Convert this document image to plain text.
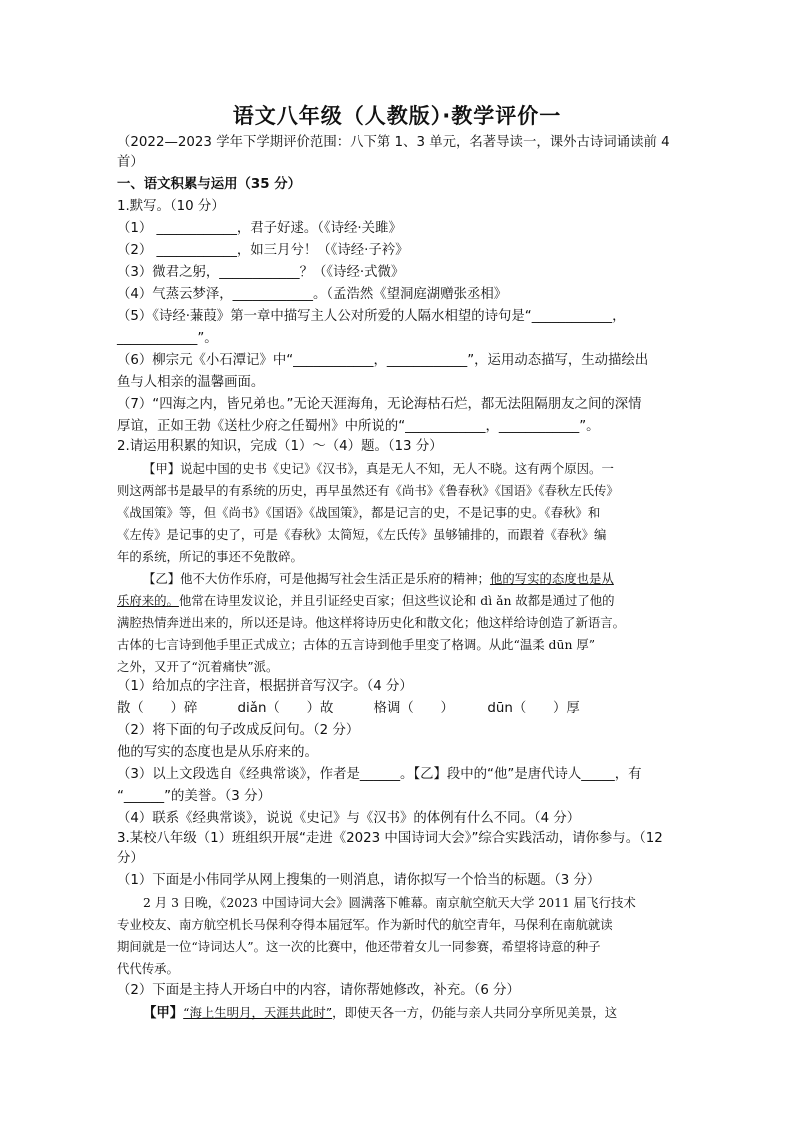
语文八年级（人教版）·教学评价一
（2022—2023 学年下学期评价范围：八下第 1、3 单元，名著导读一，课外古诗词诵读前 4
首）
一、语文积累与运用（35 分）
1.默写。（10 分）
（1） ____________，君子好逑。（《诗经·关雎》
（2） ____________，如三月兮！（《诗经·子衿》
（3）微君之躬，____________？（《诗经·式微》
（4）气蒸云梦泽，____________。（孟浩然《望洞庭湖赠张丞相》
（5）《诗经·蒹葭》第一章中描写主人公对所爱的人隔水相望的诗句是“____________，
____________”。
（6）柳宗元《小石潭记》中“____________，____________”，运用动态描写，生动描绘出
鱼与人相亲的温馨画面。
（7）“四海之内，皆兄弟也。”无论天涯海角，无论海枯石烂，都无法阻隔朋友之间的深情
厚谊，正如王勃《送杜少府之任蜀州》中所说的“____________，____________”。
2.请运用积累的知识，完成（1）～（4）题。（13 分）
【甲】说起中国的史书《史记》《汉书》，真是无人不知，无人不晓。这有两个原因。一
则这两部书是最早的有系统的历史，再早虽然还有《尚书》《鲁春秋》《国语》《春秋左氏传》
《战国策》等，但《尚书》《国语》《战国策》，都是记言的史，不是记事的史。《春秋》和
《左传》是记事的史了，可是《春秋》太简短，《左氏传》虽够铺排的，而跟着《春秋》编
年的系统，所记的事还不免散碎。
【乙】他不大仿作乐府，可是他揭写社会生活正是乐府的精神；他的写实的态度也是从
乐府来的。他常在诗里发议论，并且引证经史百家；但这些议论和 dì ǎn 故都是通过了他的
满腔热情奔迸出来的，所以还是诗。他这样将诗历史化和散文化；他这样给诗创造了新语言。
古体的七言诗到他手里正式成立；古体的五言诗到他手里变了格调。从此“温柔 dūn 厚”
之外，又开了“沉着痛快”派。
（1）给加点的字注音，根据拼音写汉字。（4 分）
散（　　）碎　　　diǎn（　　）故　　　格调（　　）　　　dūn（　　）厚
（2）将下面的句子改成反问句。（2 分）
他的写实的态度也是从乐府来的。
（3）以上文段选自《经典常谈》，作者是______。【乙】段中的“他”是唐代诗人_____，有
“______”的美誉。（3 分）
（4）联系《经典常谈》，说说《史记》与《汉书》的体例有什么不同。（4 分）
3.某校八年级（1）班组织开展“走进《2023 中国诗词大会》”综合实践活动，请你参与。（12
分）
（1）下面是小伟同学从网上搜集的一则消息，请你拟写一个恰当的标题。（3 分）
2 月 3 日晚，《2023 中国诗词大会》圆满落下帷幕。南京航空航天大学 2011 届飞行技术
专业校友、南方航空机长马保利夺得本届冠军。作为新时代的航空青年，马保利在南航就读
期间就是一位“诗词达人”。这一次的比赛中，他还带着女儿一同参赛，希望将诗意的种子
代代传承。
（2）下面是主持人开场白中的内容，请你帮她修改，补充。（6 分）
【甲】“海上生明月，天涯共此时”，即使天各一方，仍能与亲人共同分享所见美景，这
